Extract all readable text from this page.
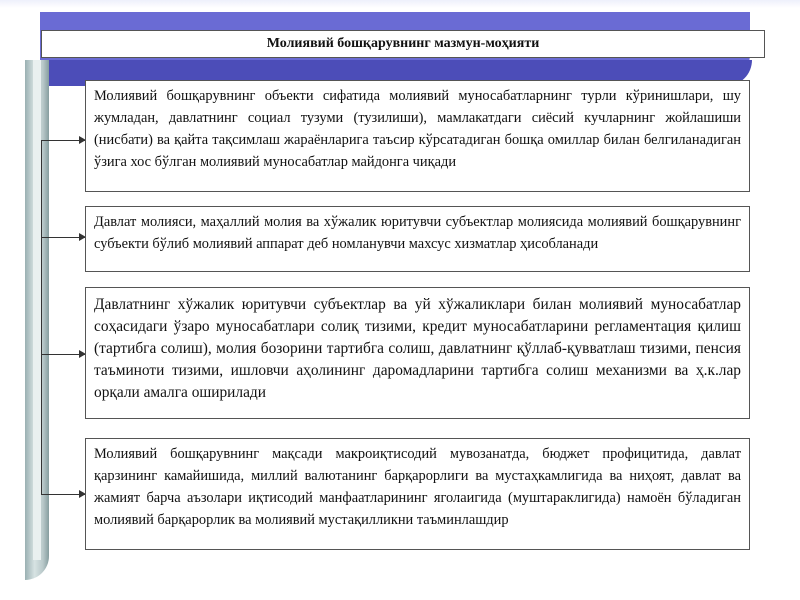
Молиявий бошқарувнинг мазмун-моҳияти
Молиявий бошқарувнинг объекти сифатида молиявий муносабатларнинг турли кўринишлари, шу жумладан, давлатнинг социал тузуми (тузилиши), мамлакатдаги сиёсий кучларнинг жойлашиши (нисбати) ва қайта тақсимлаш жараёнларига таъсир кўрсатадиган бошқа омиллар билан белгиланадиган ўзига хос бўлган молиявий муносабатлар майдонга чиқади
Давлат молияси, маҳаллий молия ва хўжалик юритувчи субъектлар молиясида молиявий бошқарувнинг субъекти бўлиб молиявий аппарат деб номланувчи махсус хизматлар ҳисобланади
Давлатнинг хўжалик юритувчи субъектлар ва уй хўжаликлари билан молиявий муносабатлар соҳасидаги ўзаро муносабатлари солиқ тизими, кредит муносабатларини регламентация қилиш (тартибга солиш), молия бозорини тартибга солиш, давлатнинг қўллаб-қувватлаш тизими, пенсия таъминоти тизими, ишловчи аҳолининг даромадларини тартибга солиш механизми ва ҳ.к.лар орқали амалга оширилади
Молиявий бошқарувнинг мақсади макроиқтисодий мувозанатда, бюджет профицитида, давлат қарзининг камайишида, миллий валютанинг барқарорлиги ва мустаҳкамлигида ва ниҳоят, давлат ва жамият барча аъзолари иқтисодий манфаатларининг яголаигида (муштараклигида) намоён бўладиган молиявий барқарорлик ва молиявий мустақилликни таъминлашдир
